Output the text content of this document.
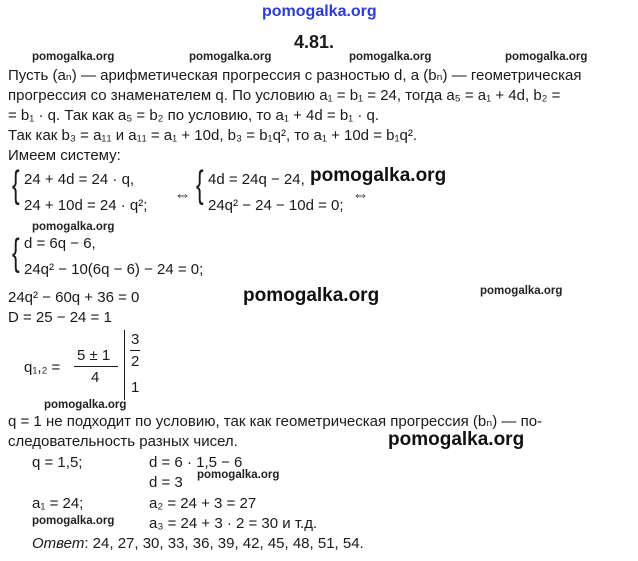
pomogalka.org
4.81.
pomogalka.org	pomogalka.org	pomogalka.org	pomogalka.org
Пусть (aₙ) — арифметическая прогрессия с разностью d, а (bₙ) — геометрическая
прогрессия со знаменателем q. По условию a₁ = b₁ = 24, тогда a₅ = a₁ + 4d, b₂ =
= b₁ · q. Так как a₅ = b₂ по условию, то a₁ + 4d = b₁ · q.
Так как b₃ = a₁₁ и a₁₁ = a₁ + 10d, b₃ = b₁q², то a₁ + 10d = b₁q².
Имеем систему:
{ 24 + 4d = 24 · q,
24 + 10d = 24 · q²;
⇔ { 4d = 24q − 24,
24q² − 24 − 10d = 0;
⇔
pomogalka.org
pomogalka.org
{ d = 6q − 6,
24q² − 10(6q − 6) − 24 = 0;
24q² − 60q + 36 = 0	pomogalka.org	pomogalka.org
D = 25 − 24 = 1
q₁,₂ =
5 ± 1
4
3
2
1
pomogalka.org
q = 1 не подходит по условию, так как геометрическая прогрессия (bₙ) — по-
следовательность разных чисел.	pomogalka.org
q = 1,5;	d = 6 · 1,5 − 6
d = 3 pomogalka.org
a₁ = 24;	a₂ = 24 + 3 = 27
pomogalka.org a₃ = 24 + 3 · 2 = 30 и т.д.
Ответ: 24, 27, 30, 33, 36, 39, 42, 45, 48, 51, 54.
